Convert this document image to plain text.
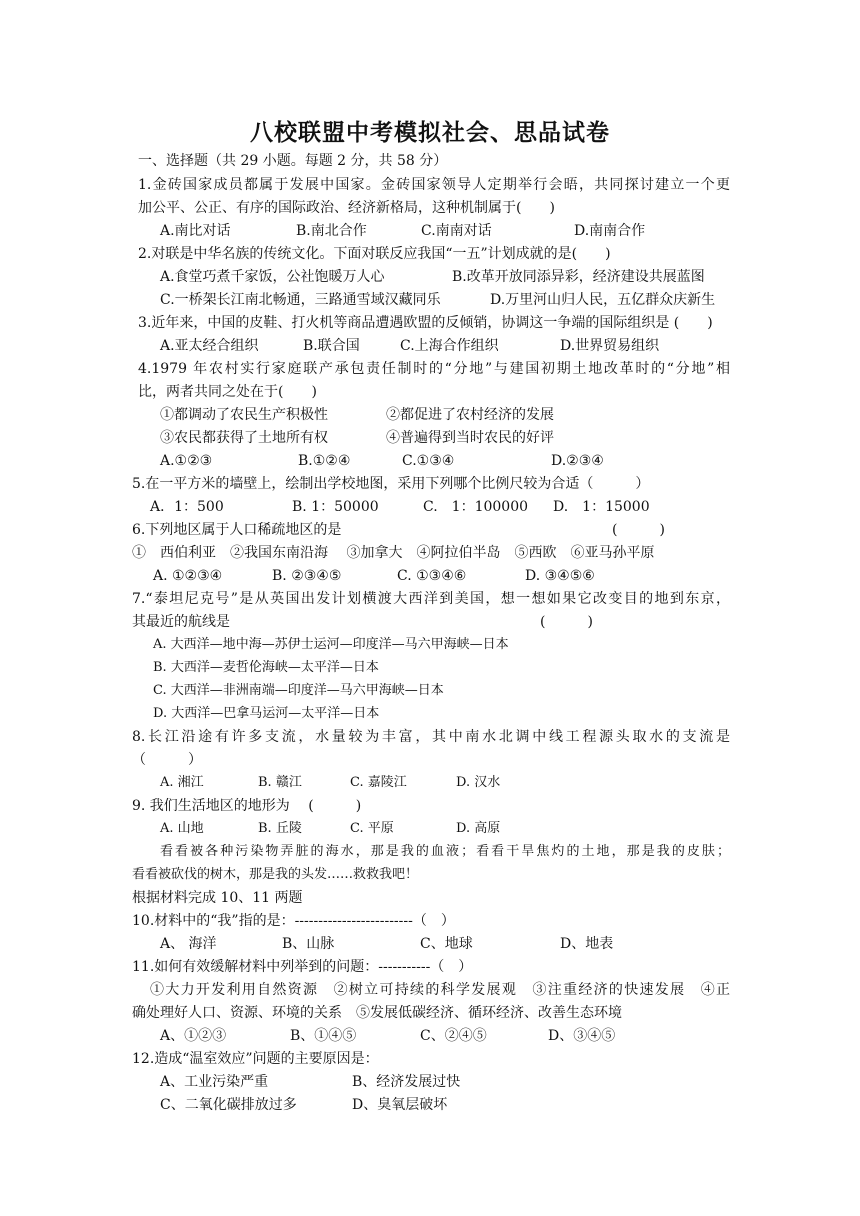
八校联盟中考模拟社会、思品试卷
一、选择题（共 29 小题。每题 2 分，共 58 分）
1.金砖国家成员都属于发展中国家。金砖国家领导人定期举行会晤，共同探讨建立一个更
加公平、公正、有序的国际政治、经济新格局，这种机制属于(　　)
A.南比对话	B.南北合作	C.南南对话	D.南南合作
2.对联是中华名族的传统文化。下面对联反应我国“一五”计划成就的是(　　)
A.食堂巧煮千家饭，公社饱暖万人心	B.改革开放同添异彩，经济建设共展蓝图
C.一桥架长江南北畅通，三路通雪域汉藏同乐	D.万里河山归人民，五亿群众庆新生
3.近年来，中国的皮鞋、打火机等商品遭遇欧盟的反倾销，协调这一争端的国际组织是 (　　)
A.亚太经合组织	B.联合国	C.上海合作组织	D.世界贸易组织
4.1979 年农村实行家庭联产承包责任制时的“分地”与建国初期土地改革时的“分地”相
比，两者共同之处在于(　　)
①都调动了农民生产积极性	②都促进了农村经济的发展
③农民都获得了土地所有权	④普遍得到当时农民的好评
A.①②③	B.①②④	C.①③④	D.②③④
5.在一平方米的墙壁上，绘制出学校地图，采用下列哪个比例尺较为合适（　　　）
A．1：500	B. 1：50000	C.　1：100000 D.　1：15000
6.下列地区属于人口稀疏地区的是	(　　　)
①　西伯利亚　②我国东南沿海　 ③加拿大　④阿拉伯半岛　⑤西欧　⑥亚马孙平原
A. ①②③④	B. ②③④⑤	C. ①③④⑥	D. ③④⑤⑥
7.“泰坦尼克号”是从英国出发计划横渡大西洋到美国，想一想如果它改变目的地到东京，
其最近的航线是	(　　　)
A. 大西洋—地中海—苏伊士运河—印度洋—马六甲海峡—日本
B. 大西洋—麦哲伦海峡—太平洋—日本
C. 大西洋—非洲南端—印度洋—马六甲海峡—日本
D. 大西洋—巴拿马运河—太平洋—日本
8.长江沿途有许多支流，水量较为丰富，其中南水北调中线工程源头取水的支流是
（　　　）
A. 湘江	B. 赣江	C. 嘉陵江	D. 汉水
9. 我们生活地区的地形为　 (　　　)
A. 山地	B. 丘陵	C. 平原	D. 高原
看看被各种污染物弄脏的海水，那是我的血液；看看干旱焦灼的土地，那是我的皮肤；
看看被砍伐的树木，那是我的头发……救救我吧！
根据材料完成 10、11 两题
10.材料中的“我”指的是：-------------------------（　）
A、 海洋	B、山脉	C、地球	D、地表
11.如何有效缓解材料中列举到的问题：-----------（　）
①大力开发利用自然资源　②树立可持续的科学发展观　③注重经济的快速发展　④正
确处理好人口、资源、环境的关系　⑤发展低碳经济、循环经济、改善生态环境
A、①②③	B、①④⑤	C、②④⑤	D、③④⑤
12.造成“温室效应”问题的主要原因是：
A、工业污染严重	B、经济发展过快
C、二氧化碳排放过多	D、臭氧层破坏
